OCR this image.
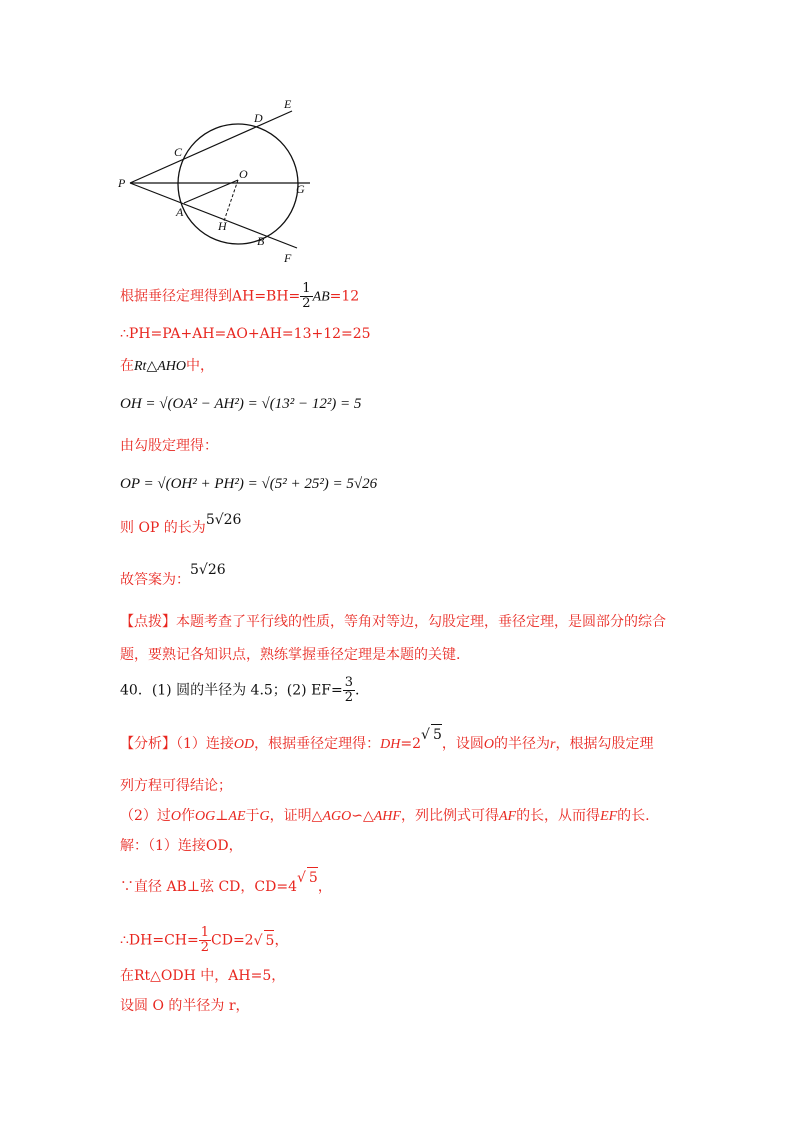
E
D
C
O
P	G
A
H
B
F
根据垂径定理得到$AH=BH= \frac{1}{2} AB=12$
∴PH=PA+AH=AO+AH=13+12=25
在Rt△AHO中，
OH = √(OA² − AH²) = √(13² − 12²) = 5
由勾股定理得：
OP = √(OH² + PH²) = √(5² + 25²) = 5√26
则 OP 的长为5√26
故答案为：5√26
【点拨】本题考查了平行线的性质，等角对等边，勾股定理，垂径定理，是圆部分的综合
题，要熟记各知识点，熟练掌握垂径定理是本题的关键.
40．(1) 圆的半径为 4.5；(2) $EF= \frac{3}{2}$ .
【分析】（1）连接OD，根据垂径定理得：DH=2√ 5，设圆O的半径为r，根据勾股定理
列方程可得结论；
（2）过O作OG⊥AE于G，证明△AGO∽△AHF，列比例式可得AF的长，从而得EF的长.
解：（1）连接OD，
∵直径 AB⊥弦 CD，CD=4√ 5，
∴DH=CH= $\frac{1}{2} CD=2√$ 5，
在Rt△ODH 中，AH=5，
设圆 O 的半径为 r，
